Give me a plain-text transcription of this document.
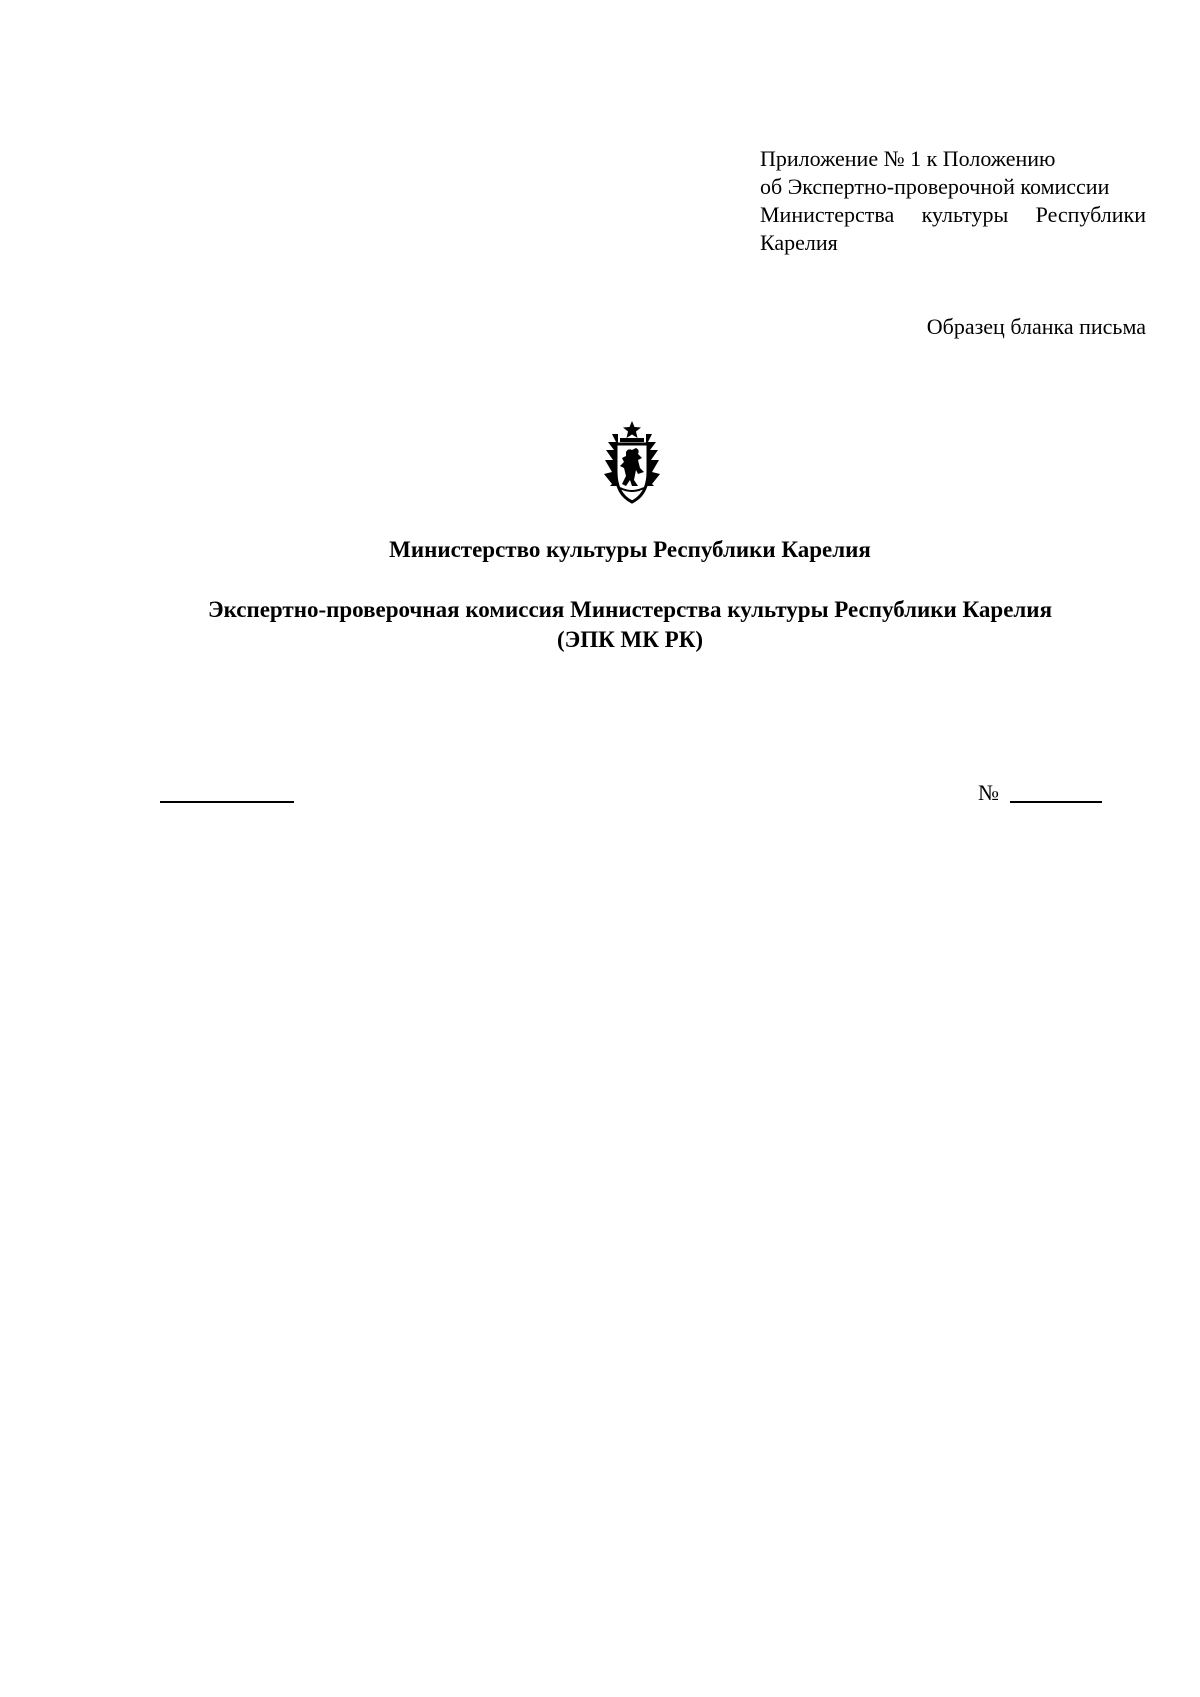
Приложение № 1 к Положению
об Экспертно-проверочной комиссии
Министерства культуры Республики
Карелия
Образец бланка письма
Министерство культуры Республики Карелия
Экспертно-проверочная комиссия Министерства культуры Республики Карелия
(ЭПК МК РК)
№
